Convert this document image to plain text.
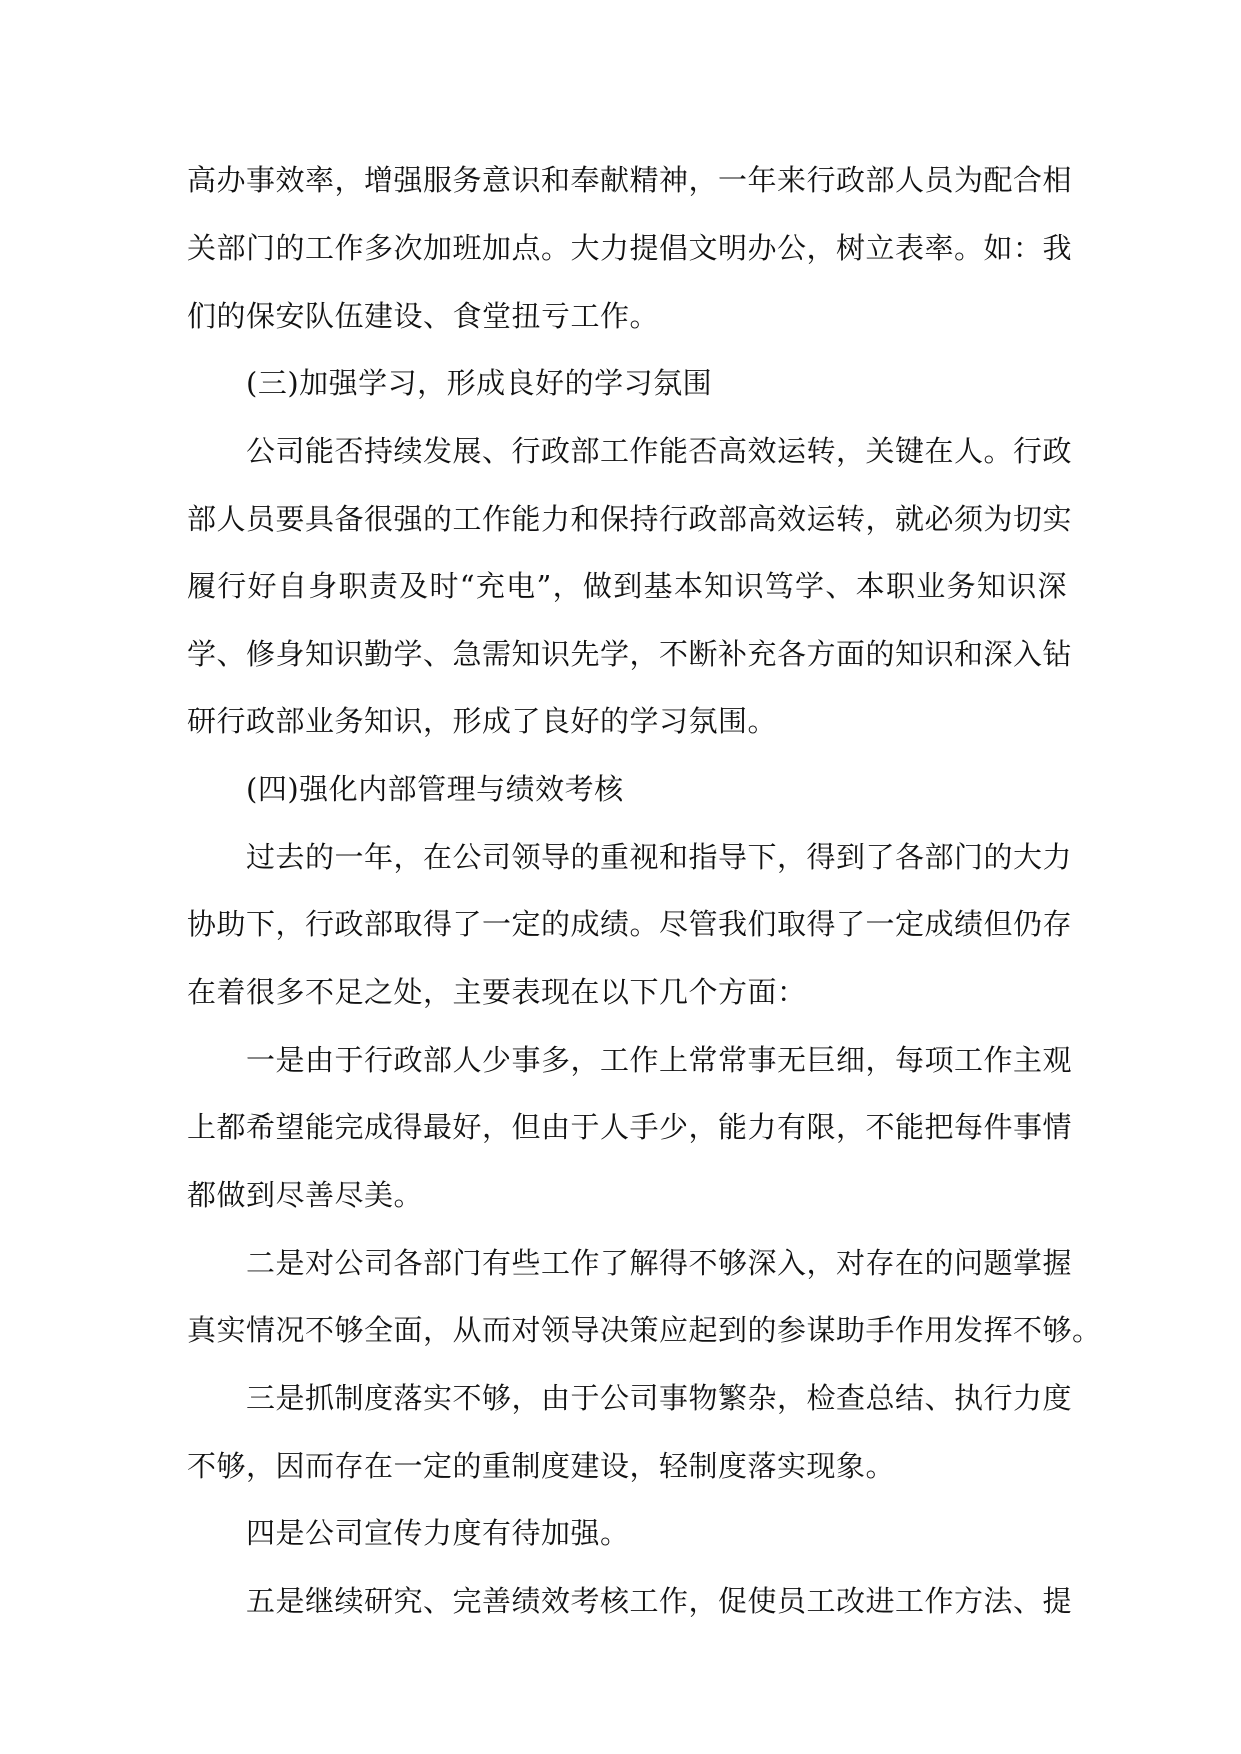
高办事效率，增强服务意识和奉献精神，一年来行政部人员为配合相
关部门的工作多次加班加点。大力提倡文明办公，树立表率。如：我
们的保安队伍建设、食堂扭亏工作。
(三)加强学习，形成良好的学习氛围
公司能否持续发展、行政部工作能否高效运转，关键在人。行政
部人员要具备很强的工作能力和保持行政部高效运转，就必须为切实
履行好自身职责及时“充电”，做到基本知识笃学、本职业务知识深
学、修身知识勤学、急需知识先学，不断补充各方面的知识和深入钻
研行政部业务知识，形成了良好的学习氛围。
(四)强化内部管理与绩效考核
过去的一年，在公司领导的重视和指导下，得到了各部门的大力
协助下，行政部取得了一定的成绩。尽管我们取得了一定成绩但仍存
在着很多不足之处，主要表现在以下几个方面：
一是由于行政部人少事多，工作上常常事无巨细，每项工作主观
上都希望能完成得最好，但由于人手少，能力有限，不能把每件事情
都做到尽善尽美。
二是对公司各部门有些工作了解得不够深入，对存在的问题掌握
真实情况不够全面，从而对领导决策应起到的参谋助手作用发挥不够。
三是抓制度落实不够，由于公司事物繁杂，检查总结、执行力度
不够，因而存在一定的重制度建设，轻制度落实现象。
四是公司宣传力度有待加强。
五是继续研究、完善绩效考核工作，促使员工改进工作方法、提
